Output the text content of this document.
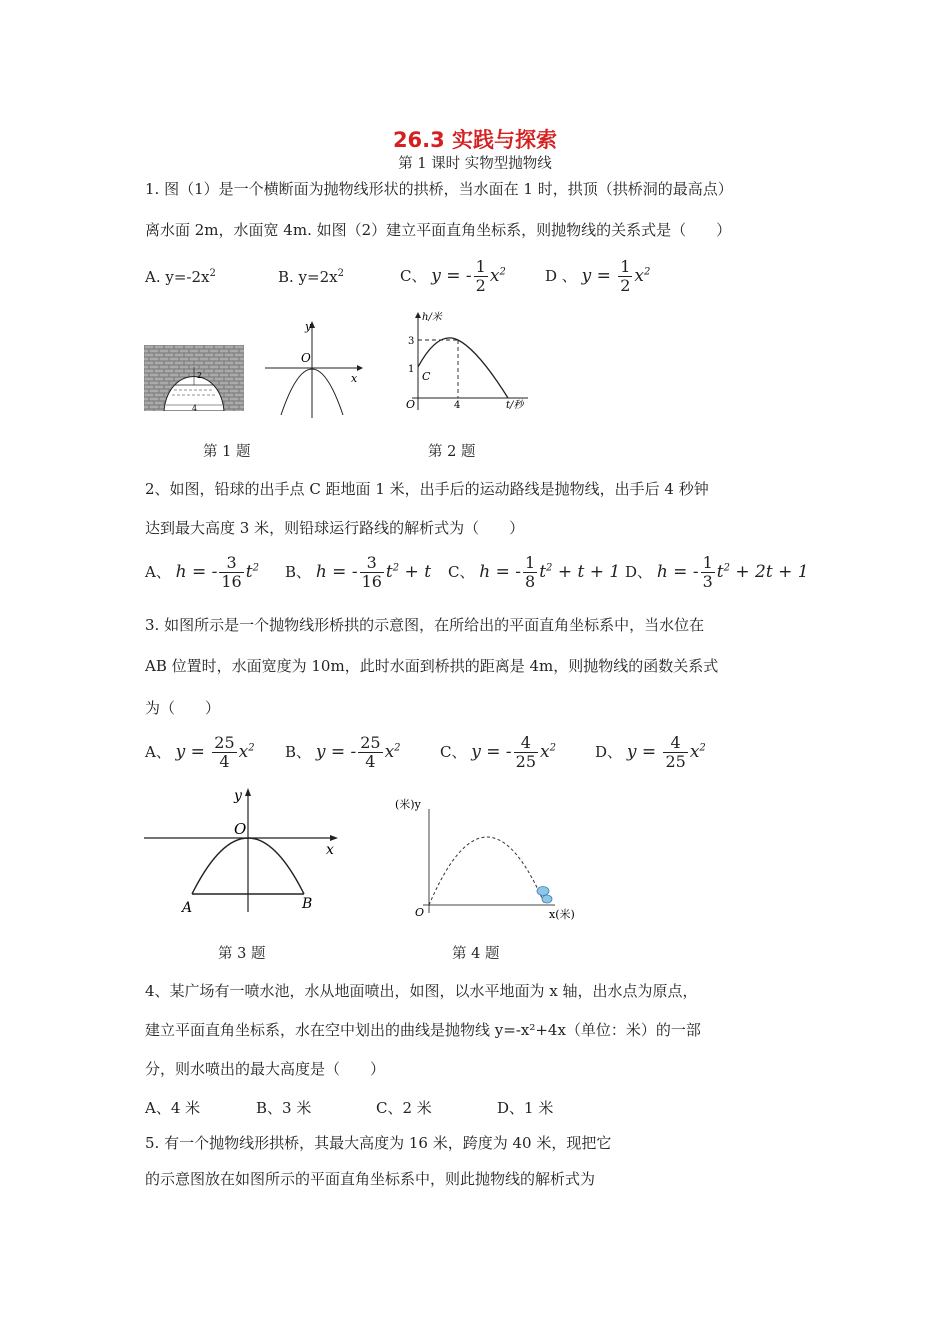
26.3 实践与探索
第 1 课时 实物型抛物线
1. 图（1）是一个横断面为抛物线形状的拱桥，当水面在 1 时，拱顶（拱桥洞的最高点）
离水面 2m，水面宽 4m. 如图（2）建立平面直角坐标系，则抛物线的关系式是（　　）
A. $y=-2x^2$	B. $y=2x^2$	C、 y = - $\frac{1}{2} x^2$	D 、 $y = \frac{1}{2} x^2$
2
4
y
O
x
h/米
3
1
C
O	4	t/秒
第 1 题	第 2 题
2、如图，铅球的出手点 C 距地面 1 米，出手后的运动路线是抛物线，出手后 4 秒钟
达到最大高度 3 米，则铅球运行路线的解析式为（　　）
A、 h = - $\frac{3}{16} t^2$ B、 h = - $\frac{3}{16} t^2 + t$ C、 h = - $\frac{1}{8} t^2 + t + 1$ D、 h = - $\frac{1}{3} t^2 + 2t + 1$
3. 如图所示是一个抛物线形桥拱的示意图，在所给出的平面直角坐标系中，当水位在
AB 位置时，水面宽度为 10m，此时水面到桥拱的距离是 4m，则抛物线的函数关系式
为（　　）
A、 $y = \frac{25}{4} x^2$ B、 y = - $\frac{25}{4} x^2$	C、 y = - $\frac{4}{25} x^2$	D、 $y = \frac{4}{25} x^2$
y
O
x
A	B
(米)y
O	x(米)
第 3 题	第 4 题
4、某广场有一喷水池，水从地面喷出，如图，以水平地面为 x 轴，出水点为原点，
建立平面直角坐标系，水在空中划出的曲线是抛物线 y=-x²+4x（单位：米）的一部
分，则水喷出的最大高度是（　　）
A、4 米	B、3 米	C、2 米	D、1 米
5. 有一个抛物线形拱桥，其最大高度为 16 米，跨度为 40 米，现把它
的示意图放在如图所示的平面直角坐标系中，则此抛物线的解析式为
